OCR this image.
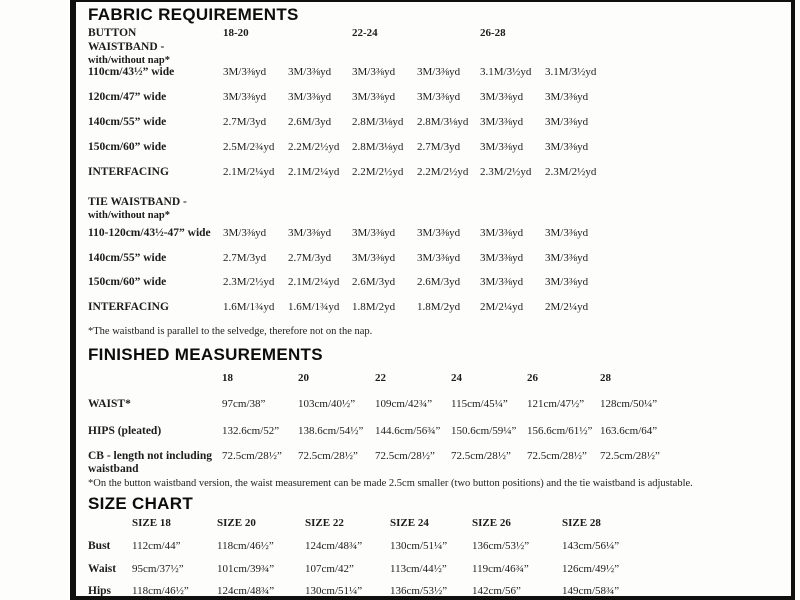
FABRIC REQUIREMENTS
BUTTON
WAISTBAND -
with/without nap*
18-20	22-24	26-28
110cm/43½” wide	3M/3⅜yd	3M/3⅜yd	3M/3⅜yd	3M/3⅜yd	3.1M/3½yd	3.1M/3½yd
120cm/47” wide	3M/3⅜yd	3M/3⅜yd	3M/3⅜yd	3M/3⅜yd	3M/3⅜yd	3M/3⅜yd
140cm/55” wide	2.7M/3yd	2.6M/3yd	2.8M/3⅛yd	2.8M/3⅛yd	3M/3⅜yd	3M/3⅜yd
150cm/60” wide	2.5M/2¾yd	2.2M/2½yd	2.8M/3⅛yd	2.7M/3yd	3M/3⅜yd	3M/3⅜yd
INTERFACING	2.1M/2¼yd	2.1M/2¼yd	2.2M/2½yd	2.2M/2½yd	2.3M/2½yd	2.3M/2½yd
TIE WAISTBAND -
with/without nap*
110-120cm/43½-47” wide	3M/3⅜yd	3M/3⅜yd	3M/3⅜yd	3M/3⅜yd	3M/3⅜yd	3M/3⅜yd
140cm/55” wide	2.7M/3yd	2.7M/3yd	3M/3⅜yd	3M/3⅜yd	3M/3⅜yd	3M/3⅜yd
150cm/60” wide	2.3M/2½yd	2.1M/2¼yd	2.6M/3yd	2.6M/3yd	3M/3⅜yd	3M/3⅜yd
INTERFACING	1.6M/1¾yd	1.6M/1¾yd	1.8M/2yd	1.8M/2yd	2M/2¼yd	2M/2¼yd
*The waistband is parallel to the selvedge, therefore not on the nap.
FINISHED MEASUREMENTS
18	20	22	24	26	28
WAIST*	97cm/38”	103cm/40½”	109cm/42¾”	115cm/45¼”	121cm/47½”	128cm/50¼”
HIPS (pleated)	132.6cm/52”	138.6cm/54½”	144.6cm/56¾” 150.6cm/59¼” 156.6cm/61½” 163.6cm/64”
CB - length not including waistband
72.5cm/28½”	72.5cm/28½”	72.5cm/28½”	72.5cm/28½”	72.5cm/28½”	72.5cm/28½”
*On the button waistband version, the waist measurement can be made 2.5cm smaller (two button positions) and the tie waistband is adjustable.
SIZE CHART
SIZE 18	SIZE 20	SIZE 22	SIZE 24	SIZE 26	SIZE 28
Bust	112cm/44”	118cm/46½”	124cm/48¾”	130cm/51¼”	136cm/53½”	143cm/56¼”
Waist	95cm/37½”	101cm/39¾”	107cm/42”	113cm/44½”	119cm/46¾”	126cm/49½”
Hips	118cm/46½”	124cm/48¾”	130cm/51¼”	136cm/53½”	142cm/56”	149cm/58¾”
